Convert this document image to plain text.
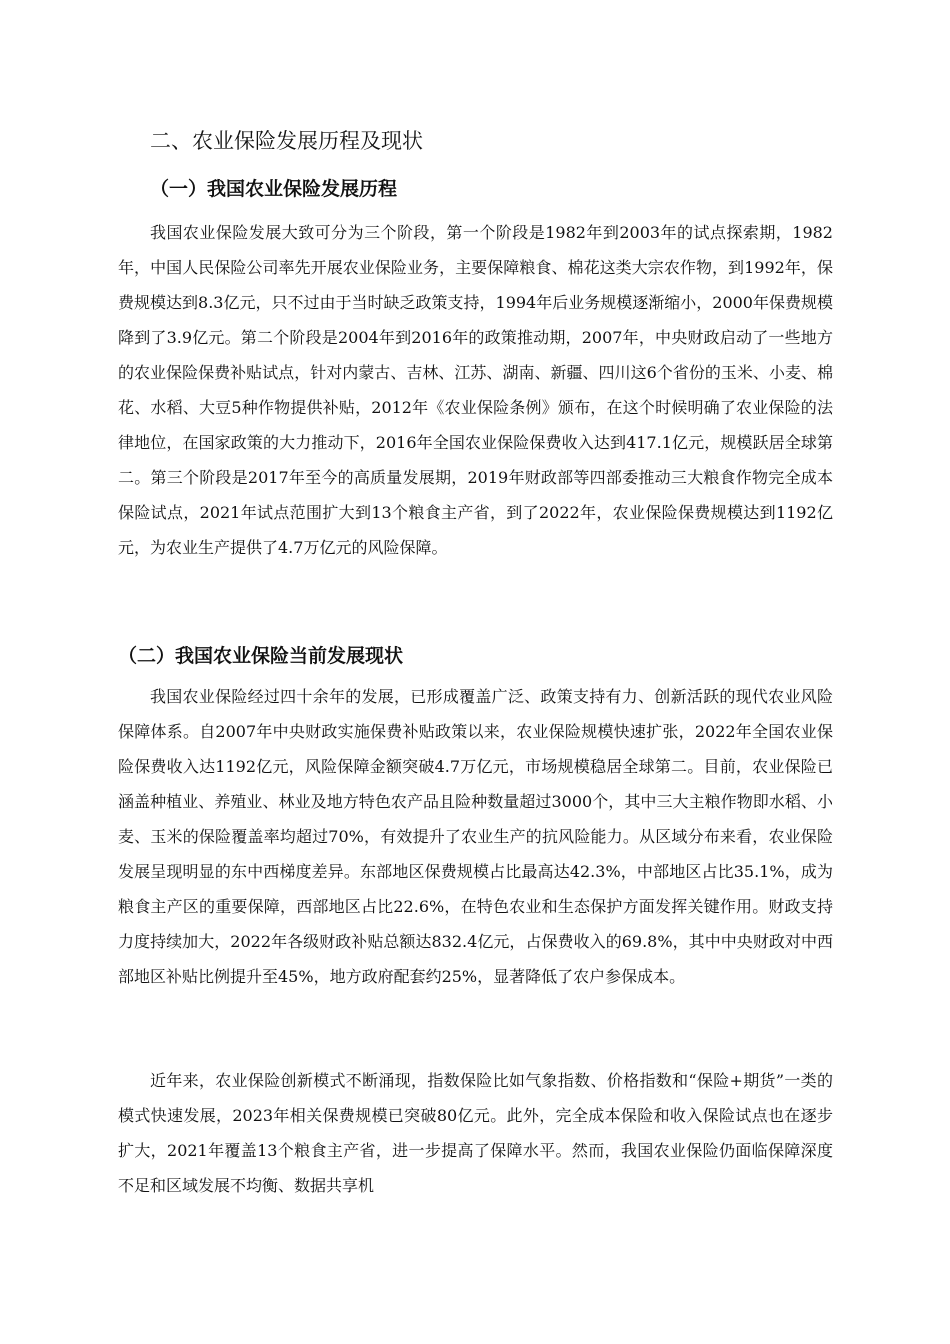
二、农业保险发展历程及现状
（一）我国农业保险发展历程

我国农业保险发展大致可分为三个阶段，第一个阶段是1982年到2003年的试点探索期，1982年，中国人民保险公司率先开展农业保险业务，主要保障粮食、棉花这类大宗农作物，到1992年，保费规模达到8.3亿元，只不过由于当时缺乏政策支持，1994年后业务规模逐渐缩小，2000年保费规模降到了3.9亿元。第二个阶段是2004年到2016年的政策推动期，2007年，中央财政启动了一些地方的农业保险保费补贴试点，针对内蒙古、吉林、江苏、湖南、新疆、四川这6个省份的玉米、小麦、棉花、水稻、大豆5种作物提供补贴，2012年《农业保险条例》颁布，在这个时候明确了农业保险的法律地位，在国家政策的大力推动下，2016年全国农业保险保费收入达到417.1亿元，规模跃居全球第二。第三个阶段是2017年至今的高质量发展期，2019年财政部等四部委推动三大粮食作物完全成本保险试点，2021年试点范围扩大到13个粮食主产省，到了2022年，农业保险保费规模达到1192亿元，为农业生产提供了4.7万亿元的风险保障。

（二）我国农业保险当前发展现状

我国农业保险经过四十余年的发展，已形成覆盖广泛、政策支持有力、创新活跃的现代农业风险保障体系。自2007年中央财政实施保费补贴政策以来，农业保险规模快速扩张，2022年全国农业保险保费收入达1192亿元，风险保障金额突破4.7万亿元，市场规模稳居全球第二。目前，农业保险已涵盖种植业、养殖业、林业及地方特色农产品且险种数量超过3000个，其中三大主粮作物即水稻、小麦、玉米的保险覆盖率均超过70%，有效提升了农业生产的抗风险能力。从区域分布来看，农业保险发展呈现明显的东中西梯度差异。东部地区保费规模占比最高达42.3%，中部地区占比35.1%，成为粮食主产区的重要保障，西部地区占比22.6%，在特色农业和生态保护方面发挥关键作用。财政支持力度持续加大，2022年各级财政补贴总额达832.4亿元，占保费收入的69.8%，其中中央财政对中西部地区补贴比例提升至45%，地方政府配套约25%，显著降低了农户参保成本。

近年来，农业保险创新模式不断涌现，指数保险比如气象指数、价格指数和“保险+期货”一类的模式快速发展，2023年相关保费规模已突破80亿元。此外，完全成本保险和收入保险试点也在逐步扩大，2021年覆盖13个粮食主产省，进一步提高了保障水平。然而，我国农业保险仍面临保障深度不足和区域发展不均衡、数据共享机
